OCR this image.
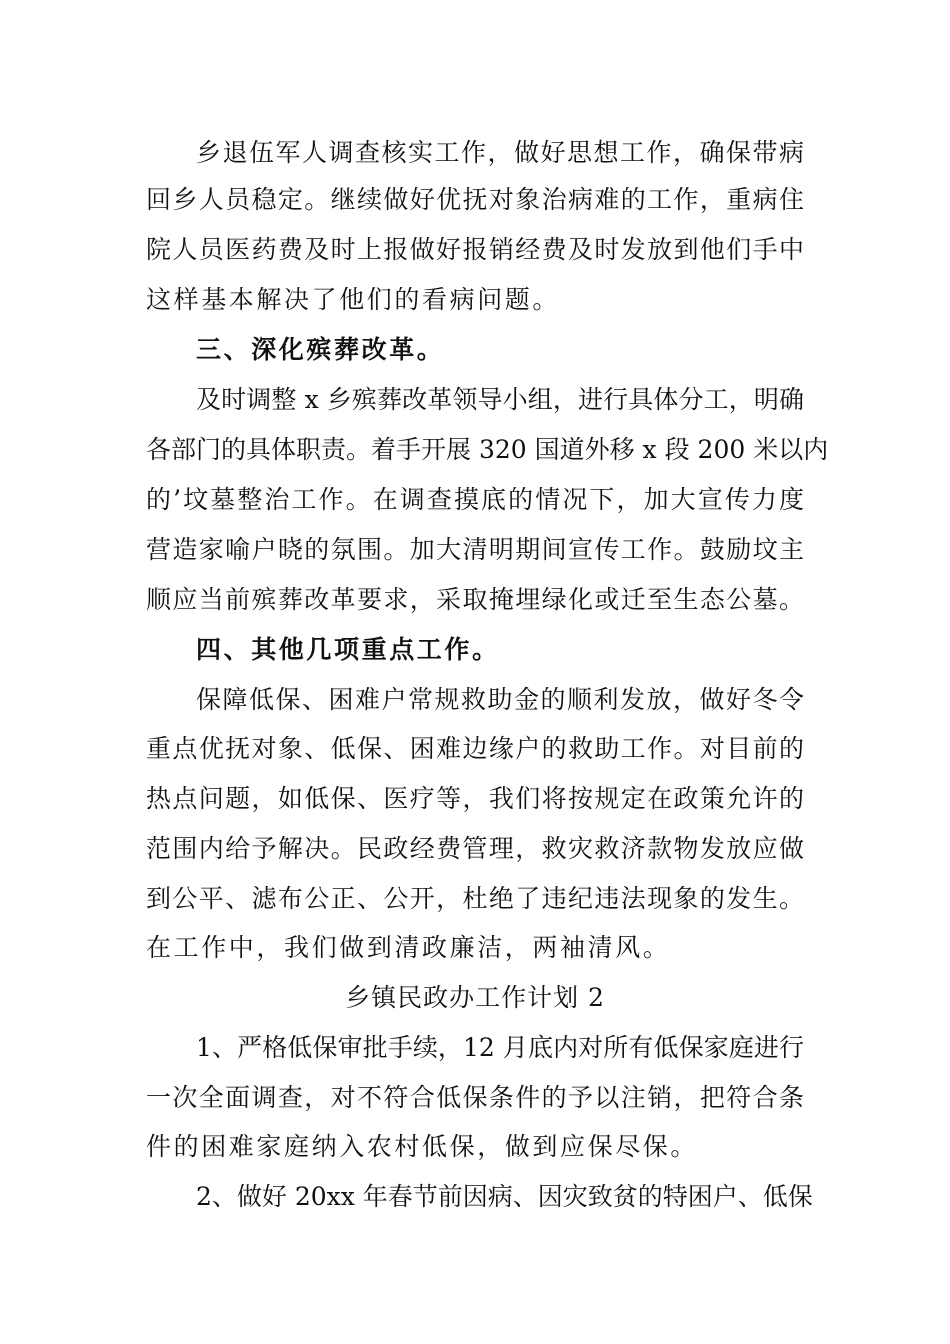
乡退伍军人调查核实工作，做好思想工作，确保带病
回乡人员稳定。继续做好优抚对象治病难的工作，重病住
院人员医药费及时上报做好报销经费及时发放到他们手中
这样基本解决了他们的看病问题。
三、深化殡葬改革。
及时调整 x 乡殡葬改革领导小组，进行具体分工，明确
各部门的具体职责。着手开展 320 国道外移 x 段 200 米以内
的’坟墓整治工作。在调查摸底的情况下，加大宣传力度
营造家喻户晓的氛围。加大清明期间宣传工作。鼓励坟主
顺应当前殡葬改革要求，采取掩埋绿化或迁至生态公墓。
四、其他几项重点工作。
保障低保、困难户常规救助金的顺利发放，做好冬令
重点优抚对象、低保、困难边缘户的救助工作。对目前的
热点问题，如低保、医疗等，我们将按规定在政策允许的
范围内给予解决。民政经费管理，救灾救济款物发放应做
到公平、滤布公正、公开，杜绝了违纪违法现象的发生。
在工作中，我们做到清政廉洁，两袖清风。
乡镇民政办工作计划 2
1、严格低保审批手续，12 月底内对所有低保家庭进行
一次全面调查，对不符合低保条件的予以注销，把符合条
件的困难家庭纳入农村低保，做到应保尽保。
2、做好 20xx 年春节前因病、因灾致贫的特困户、低保
